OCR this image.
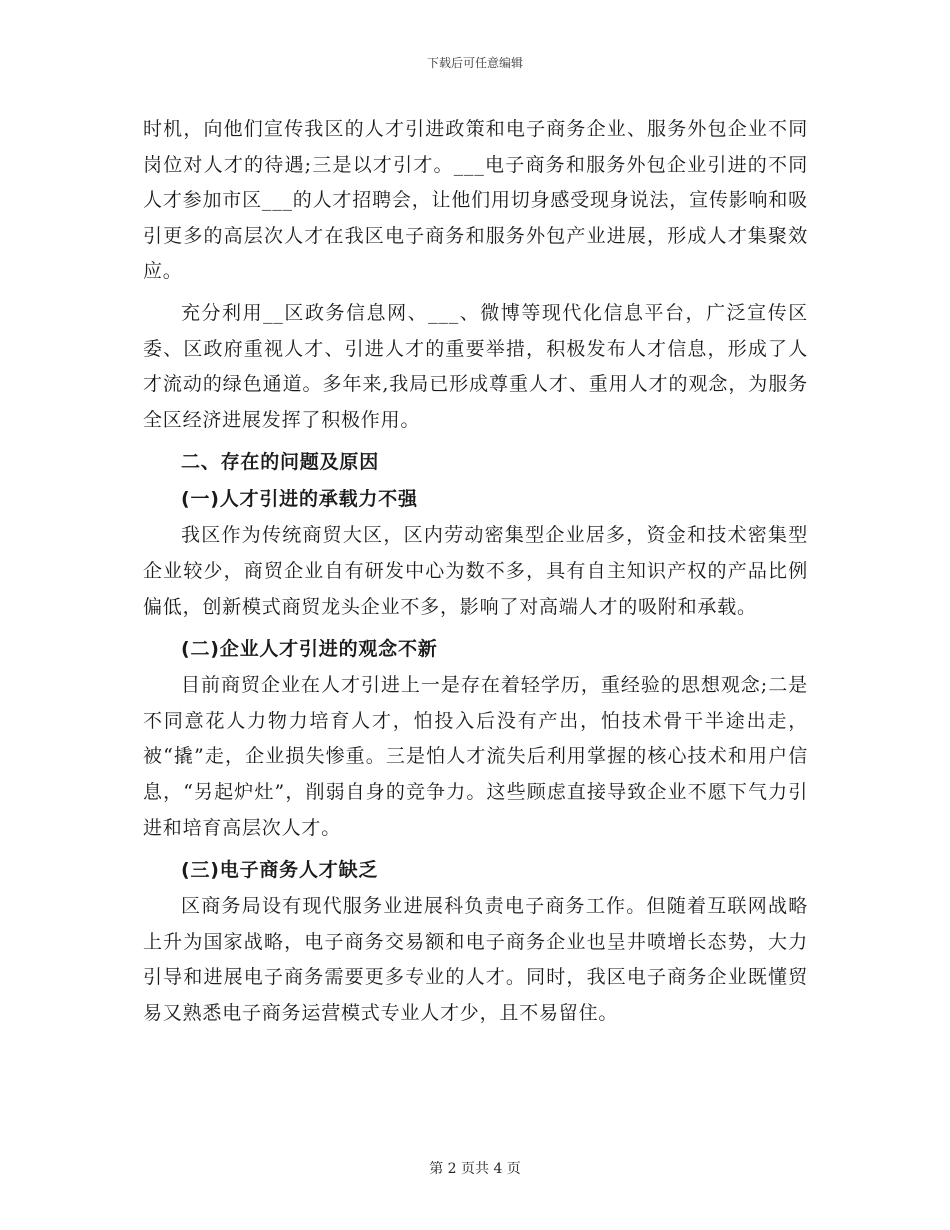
下载后可任意编辑

时机，向他们宣传我区的人才引进政策和电子商务企业、服务外包企业不同岗位对人才的待遇;三是以才引才。___电子商务和服务外包企业引进的不同人才参加市区___的人才招聘会，让他们用切身感受现身说法，宣传影响和吸引更多的高层次人才在我区电子商务和服务外包产业进展，形成人才集聚效应。

充分利用__区政务信息网、___、微博等现代化信息平台，广泛宣传区委、区政府重视人才、引进人才的重要举措，积极发布人才信息，形成了人才流动的绿色通道。多年来,我局已形成尊重人才、重用人才的观念，为服务全区经济进展发挥了积极作用。

二、存在的问题及原因

(一)人才引进的承载力不强

我区作为传统商贸大区，区内劳动密集型企业居多，资金和技术密集型企业较少，商贸企业自有研发中心为数不多，具有自主知识产权的产品比例偏低，创新模式商贸龙头企业不多，影响了对高端人才的吸附和承载。

(二)企业人才引进的观念不新

目前商贸企业在人才引进上一是存在着轻学历，重经验的思想观念;二是不同意花人力物力培育人才，怕投入后没有产出，怕技术骨干半途出走，被“撬”走，企业损失惨重。三是怕人才流失后利用掌握的核心技术和用户信息，“另起炉灶”，削弱自身的竞争力。这些顾虑直接导致企业不愿下气力引进和培育高层次人才。

(三)电子商务人才缺乏

区商务局设有现代服务业进展科负责电子商务工作。但随着互联网战略上升为国家战略，电子商务交易额和电子商务企业也呈井喷增长态势，大力引导和进展电子商务需要更多专业的人才。同时，我区电子商务企业既懂贸易又熟悉电子商务运营模式专业人才少，且不易留住。

第 2 页共 4 页
